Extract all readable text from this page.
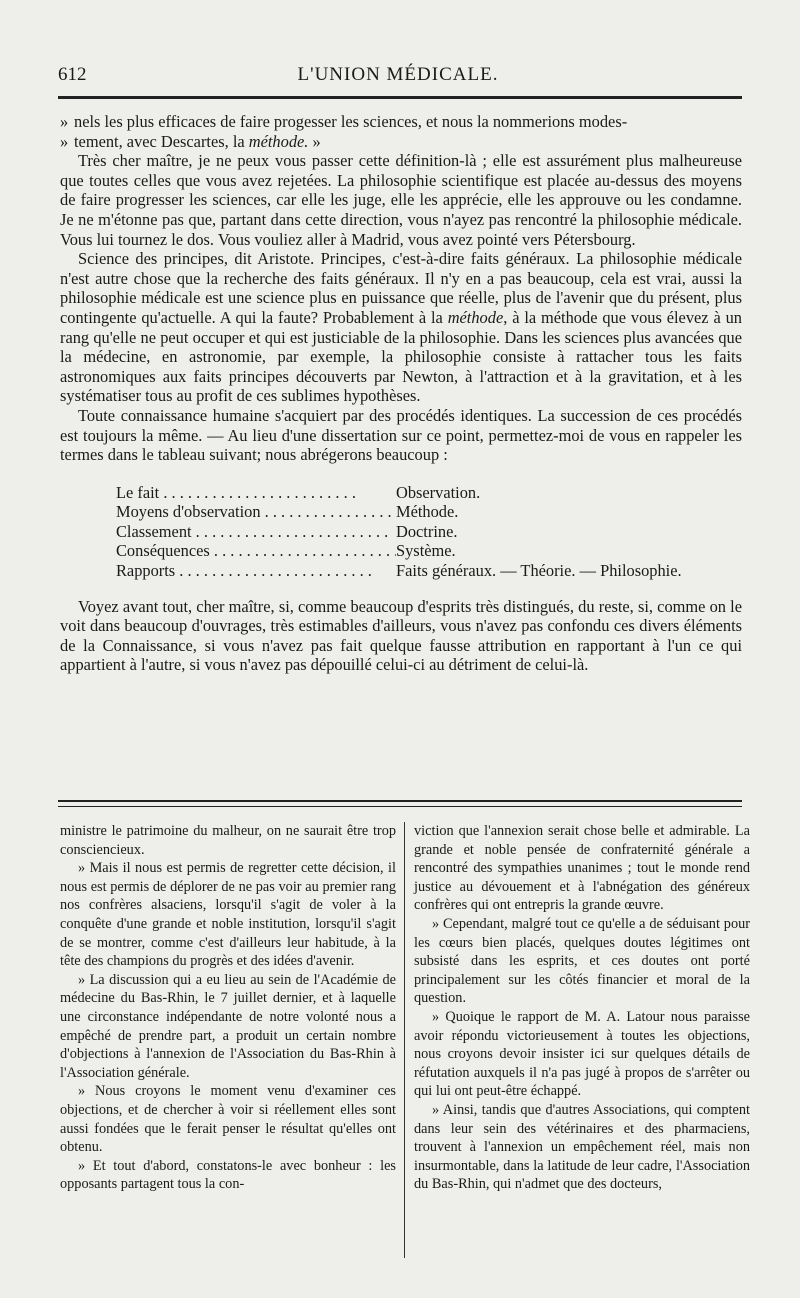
612	L'UNION MÉDICALE.

» nels les plus efficaces de faire progesser les sciences, et nous la nommerions modes-

» tement, avec Descartes, la méthode. »

Très cher maître, je ne peux vous passer cette définition-là ; elle est assurément plus malheureuse que toutes celles que vous avez rejetées. La philosophie scientifique est placée au-dessus des moyens de faire progresser les sciences, car elle les juge, elle les apprécie, elle les approuve ou les condamne. Je ne m'étonne pas que, partant dans cette direction, vous n'ayez pas rencontré la philosophie médicale. Vous lui tournez le dos. Vous vouliez aller à Madrid, vous avez pointé vers Pétersbourg.

Science des principes, dit Aristote. Principes, c'est-à-dire faits généraux. La philosophie médicale n'est autre chose que la recherche des faits généraux. Il n'y en a pas beaucoup, cela est vrai, aussi la philosophie médicale est une science plus en puissance que réelle, plus de l'avenir que du présent, plus contingente qu'actuelle. A qui la faute? Probablement à la méthode, à la méthode que vous élevez à un rang qu'elle ne peut occuper et qui est justiciable de la philosophie. Dans les sciences plus avancées que la médecine, en astronomie, par exemple, la philosophie consiste à rattacher tous les faits astronomiques aux faits principes découverts par Newton, à l'attraction et à la gravitation, et à les systématiser tous au profit de ces sublimes hypothèses.

Toute connaissance humaine s'acquiert par des procédés identiques. La succession de ces procédés est toujours la même. — Au lieu d'une dissertation sur ce point, permettez-moi de vous en rappeler les termes dans le tableau suivant; nous abrégerons beaucoup :

Le fait . . .	Observation.
Moyens d'observation . . .	Méthode.
Classement . . .	Doctrine.
Conséquences . . .	Système.
Rapports . . .	Faits généraux. — Théorie. — Philosophie.

Voyez avant tout, cher maître, si, comme beaucoup d'esprits très distingués, du reste, si, comme on le voit dans beaucoup d'ouvrages, très estimables d'ailleurs, vous n'avez pas confondu ces divers éléments de la Connaissance, si vous n'avez pas fait quelque fausse attribution en rapportant à l'un ce qui appartient à l'autre, si vous n'avez pas dépouillé celui-ci au détriment de celui-là.

ministre le patrimoine du malheur, on ne saurait être trop consciencieux.

» Mais il nous est permis de regretter cette décision, il nous est permis de déplorer de ne pas voir au premier rang nos confrères alsaciens, lorsqu'il s'agit de voler à la conquête d'une grande et noble institution, lorsqu'il s'agit de se montrer, comme c'est d'ailleurs leur habitude, à la tête des champions du progrès et des idées d'avenir.

» La discussion qui a eu lieu au sein de l'Académie de médecine du Bas-Rhin, le 7 juillet dernier, et à laquelle une circonstance indépendante de notre volonté nous a empêché de prendre part, a produit un certain nombre d'objections à l'annexion de l'Association du Bas-Rhin à l'Association générale.

» Nous croyons le moment venu d'examiner ces objections, et de chercher à voir si réellement elles sont aussi fondées que le ferait penser le résultat qu'elles ont obtenu.

» Et tout d'abord, constatons-le avec bonheur : les opposants partagent tous la con-

viction que l'annexion serait chose belle et admirable. La grande et noble pensée de confraternité générale a rencontré des sympathies unanimes ; tout le monde rend justice au dévouement et à l'abnégation des généreux confrères qui ont entrepris la grande œuvre.

» Cependant, malgré tout ce qu'elle a de séduisant pour les cœurs bien placés, quelques doutes légitimes ont subsisté dans les esprits, et ces doutes ont porté principalement sur les côtés financier et moral de la question.

» Quoique le rapport de M. A. Latour nous paraisse avoir répondu victorieusement à toutes les objections, nous croyons devoir insister ici sur quelques détails de réfutation auxquels il n'a pas jugé à propos de s'arrêter ou qui lui ont peut-être échappé.

» Ainsi, tandis que d'autres Associations, qui comptent dans leur sein des vétérinaires et des pharmaciens, trouvent à l'annexion un empêchement réel, mais non insurmontable, dans la latitude de leur cadre, l'Association du Bas-Rhin, qui n'admet que des docteurs,
